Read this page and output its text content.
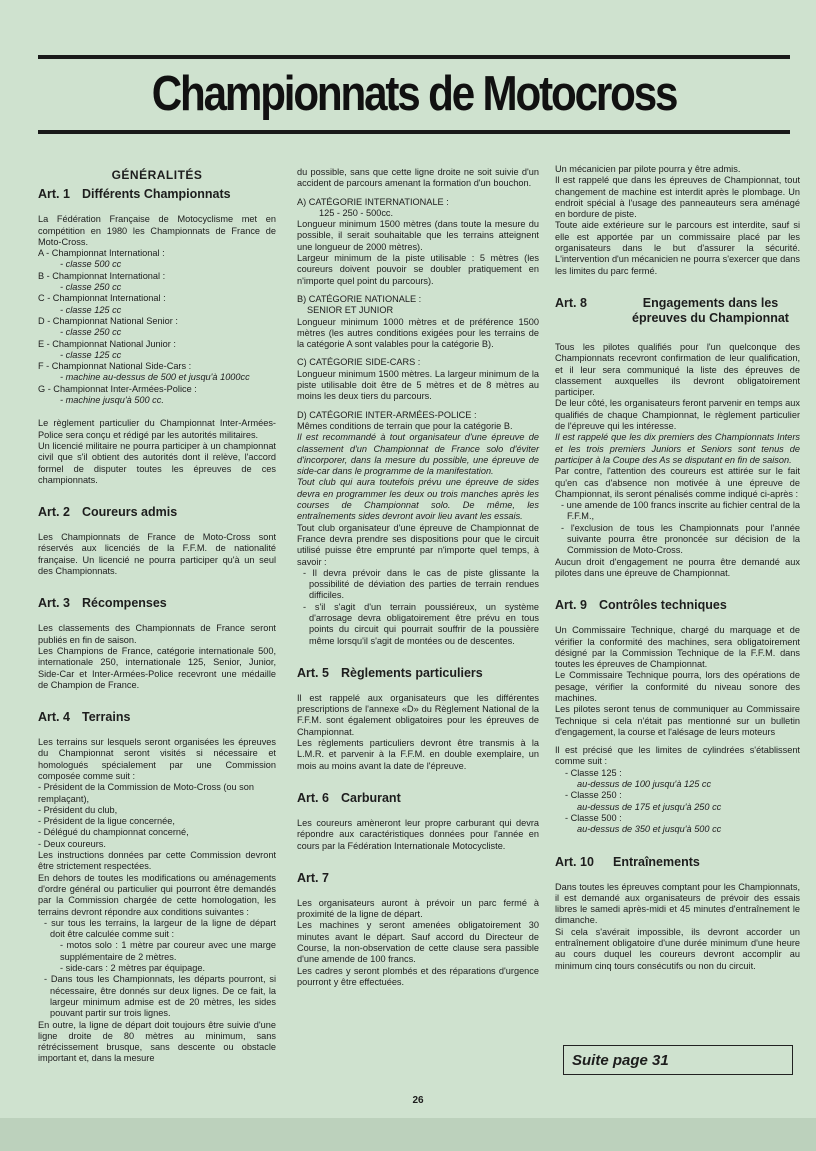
Championnats de Motocross
GÉNÉRALITÉS
Art. 1 Différents Championnats

La Fédération Française de Motocyclisme met en compétition en 1980 les Championnats de France de Moto-Cross.

A - Championnat International :

- classe 500 cc

B - Championnat International :

- classe 250 cc

C - Championnat International :

- classe 125 cc

D - Championnat National Senior :

- classe 250 cc

E - Championnat National Junior :

- classe 125 cc

F - Championnat National Side-Cars :

- machine au-dessus de 500 et jusqu'à 1000cc

G - Championnat Inter-Armées-Police :

- machine jusqu'à 500 cc.

Le règlement particulier du Championnat Inter-Armées-Police sera conçu et rédigé par les autorités militaires.

Un licencié militaire ne pourra participer à un championnat civil que s'il obtient des autorités dont il relève, l'accord formel de disputer toutes les épreuves de ces championnats.

Art. 2 Coureurs admis

Les Championnats de France de Moto-Cross sont réservés aux licenciés de la F.F.M. de nationalité française. Un licencié ne pourra participer qu'à un seul des Championnats.

Art. 3 Récompenses

Les classements des Championnats de France seront publiés en fin de saison.

Les Champions de France, catégorie internationale 500, internationale 250, internationale 125, Senior, Junior, Side-Car et Inter-Armées-Police recevront une médaille de Champion de France.

Art. 4 Terrains

Les terrains sur lesquels seront organisées les épreuves du Championnat seront visités si nécessaire et homologués spécialement par une Commission composée comme suit :

- Président de la Commission de Moto-Cross (ou son remplaçant),

- Président du club,

- Président de la ligue concernée,

- Délégué du championnat concerné,

- Deux coureurs.

Les instructions données par cette Commission devront être strictement respectées.

En dehors de toutes les modifications ou aménagements d'ordre général ou particulier qui pourront être demandés par la Commission chargée de cette homologation, les terrains devront répondre aux conditions suivantes :

- sur tous les terrains, la largeur de la ligne de départ doit être calculée comme suit :

- motos solo : 1 mètre par coureur avec une marge supplémentaire de 2 mètres.

- side-cars : 2 mètres par équipage.

- Dans tous les Championnats, les départs pourront, si nécessaire, être donnés sur deux lignes. De ce fait, la largeur minimum admise est de 20 mètres, les sides pouvant partir sur trois lignes.

En outre, la ligne de départ doit toujours être suivie d'une ligne droite de 80 mètres au minimum, sans rétrécissement brusque, sans descente ou obstacle important et, dans la mesure

du possible, sans que cette ligne droite ne soit suivie d'un accident de parcours amenant la formation d'un bouchon.

A) CATÉGORIE INTERNATIONALE :

125 - 250 - 500cc.

Longueur minimum 1500 mètres (dans toute la mesure du possible, il serait souhaitable que les terrains atteignent une longueur de 2000 mètres).

Largeur minimum de la piste utilisable : 5 mètres (les coureurs doivent pouvoir se doubler pratiquement en n'importe quel point du parcours).

B) CATÉGORIE NATIONALE :

SENIOR ET JUNIOR

Longueur minimum 1000 mètres et de préférence 1500 mètres (les autres conditions exigées pour les terrains de la catégorie A sont valables pour la catégorie B).

C) CATÉGORIE SIDE-CARS :

Longueur minimum 1500 mètres. La largeur minimum de la piste utilisable doit être de 5 mètres et de 8 mètres au moins les deux tiers du parcours.

D) CATÉGORIE INTER-ARMÉES-POLICE :

Mêmes conditions de terrain que pour la catégorie B.

Il est recommandé à tout organisateur d'une épreuve de classement d'un Championnat de France solo d'éviter d'incorporer, dans la mesure du possible, une épreuve de side-car dans le programme de la manifestation.

Tout club qui aura toutefois prévu une épreuve de sides devra en programmer les deux ou trois manches après les courses de Championnat solo. De même, les entraînements sides devront avoir lieu avant les essais.

Tout club organisateur d'une épreuve de Championnat de France devra prendre ses dispositions pour que le circuit utilisé puisse être emprunté par n'importe quel temps, à savoir :

- Il devra prévoir dans le cas de piste glissante la possibilité de déviation des parties de terrain rendues difficiles.

- s'il s'agit d'un terrain poussiéreux, un système d'arrosage devra obligatoirement être prévu en tous points du circuit qui pourrait souffrir de la poussière même lorsqu'il s'agit de montées ou de descentes.

Art. 5 Règlements particuliers

Il est rappelé aux organisateurs que les différentes prescriptions de l'annexe «D» du Règlement National de la F.F.M. sont également obligatoires pour les épreuves de Championnat.

Les règlements particuliers devront être transmis à la L.M.R. et parvenir à la F.F.M. en double exemplaire, un mois au moins avant la date de l'épreuve.

Art. 6 Carburant

Les coureurs amèneront leur propre carburant qui devra répondre aux caractéristiques données pour l'année en cours par la Fédération Internationale Motocycliste.

Art. 7

Les organisateurs auront à prévoir un parc fermé à proximité de la ligne de départ.

Les machines y seront amenées obligatoirement 30 minutes avant le départ. Sauf accord du Directeur de Course, la non-observation de cette clause sera passible d'une amende de 100 francs.

Les cadres y seront plombés et des réparations d'urgence pourront y être effectuées.

Un mécanicien par pilote pourra y être admis.

Il est rappelé que dans les épreuves de Championnat, tout changement de machine est interdit après le plombage. Un endroit spécial à l'usage des panneauteurs sera aménagé en bordure de piste.

Toute aide extérieure sur le parcours est interdite, sauf si elle est apportée par un commissaire placé par les organisateurs dans le but d'assurer la sécurité. L'intervention d'un mécanicien ne pourra s'exercer que dans les limites du parc fermé.

Art. 8	Engagements dans les
épreuves du Championnat

Tous les pilotes qualifiés pour l'un quelconque des Championnats recevront confirmation de leur qualification, et il leur sera communiqué la liste des épreuves de classement auxquelles ils devront obligatoirement participer.

De leur côté, les organisateurs feront parvenir en temps aux qualifiés de chaque Championnat, le règlement particulier de l'épreuve qui les intéresse.

Il est rappelé que les dix premiers des Championnats Inters et les trois premiers Juniors et Seniors sont tenus de participer à la Coupe des As se disputant en fin de saison.

Par contre, l'attention des coureurs est attirée sur le fait qu'en cas d'absence non motivée à une épreuve de Championnat, ils seront pénalisés comme indiqué ci-après :

- une amende de 100 francs inscrite au fichier central de la F.F.M.,

- l'exclusion de tous les Championnats pour l'année suivante pourra être prononcée sur décision de la Commission de Moto-Cross.

Aucun droit d'engagement ne pourra être demandé aux pilotes dans une épreuve de Championnat.

Art. 9 Contrôles techniques

Un Commissaire Technique, chargé du marquage et de vérifier la conformité des machines, sera obligatoirement désigné par la Commission Technique de la F.F.M. dans toutes les épreuves de Championnat.

Le Commissaire Technique pourra, lors des opérations de pesage, vérifier la conformité du niveau sonore des machines.

Les pilotes seront tenus de communiquer au Commissaire Technique si cela n'était pas mentionné sur un bulletin d'engagement, la course et l'alésage de leurs moteurs

Il est précisé que les limites de cylindrées s'établissent comme suit :

- Classe 125 :

au-dessus de 100 jusqu'à 125 cc

- Classe 250 :

au-dessus de 175 et jusqu'à 250 cc

- Classe 500 :

au-dessus de 350 et jusqu'à 500 cc

Art. 10 Entraînements

Dans toutes les épreuves comptant pour les Championnats, il est demandé aux organisateurs de prévoir des essais libres le samedi après-midi et 45 minutes d'entraînement le dimanche.

Si cela s'avérait impossible, ils devront accorder un entraînement obligatoire d'une durée minimum d'une heure au cours duquel les coureurs devront accomplir au minimum cinq tours consécutifs ou non du circuit.

Suite page 31
26
